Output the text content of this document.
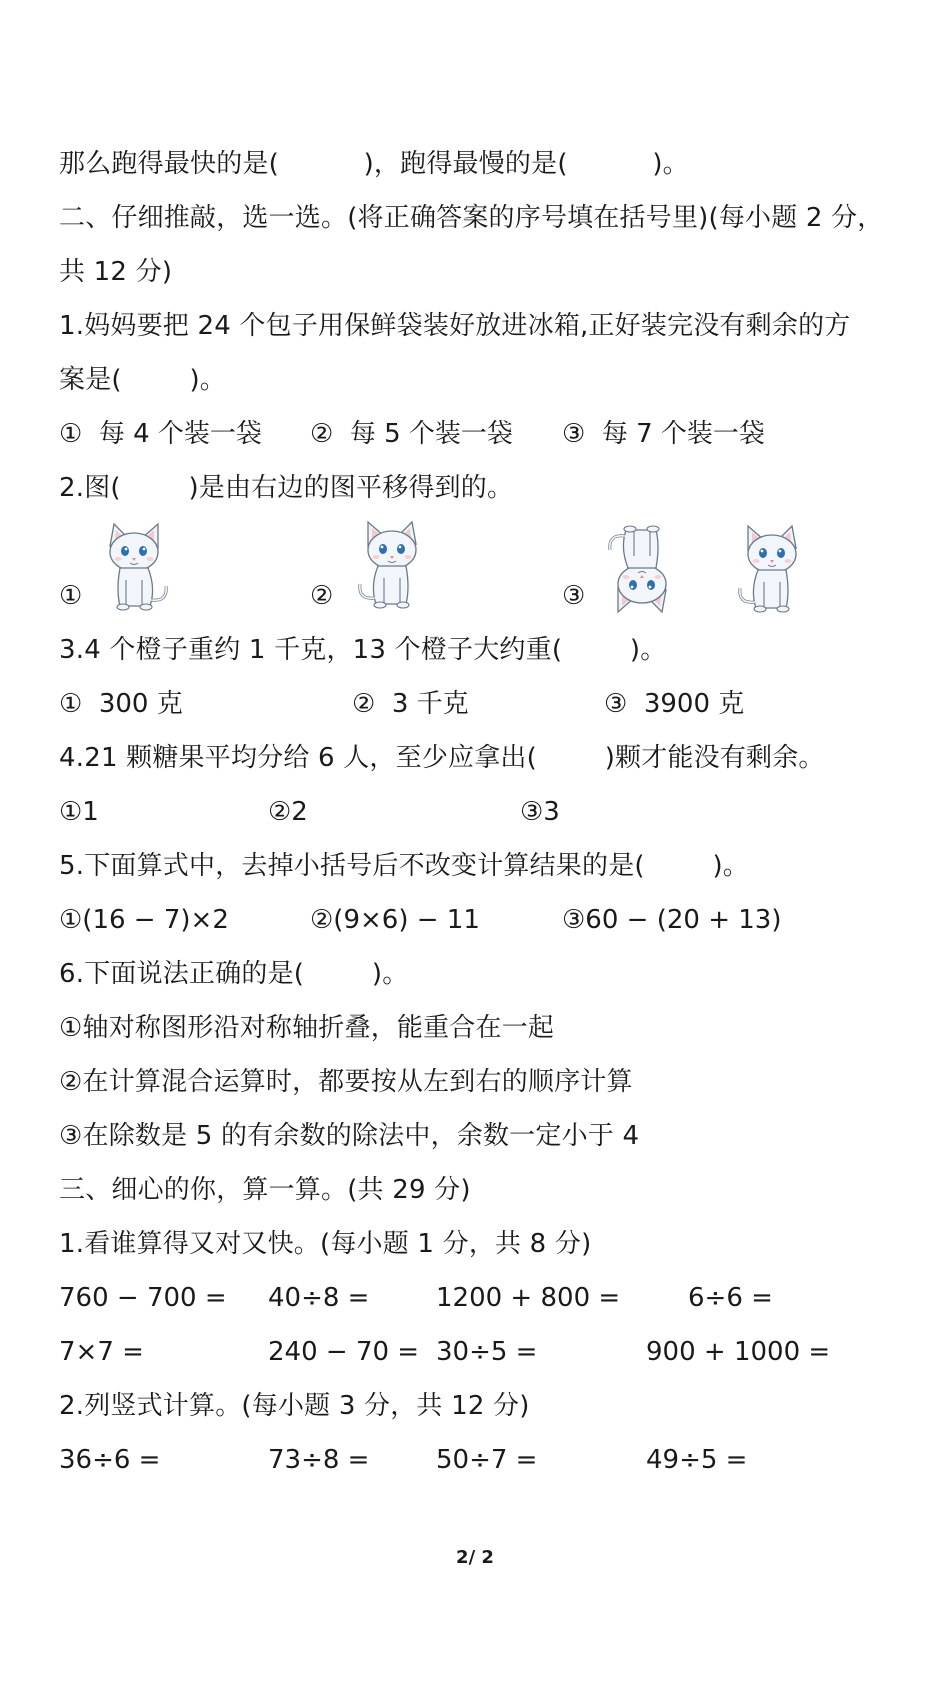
那么跑得最快的是(          )，跑得最慢的是(          )。
二、仔细推敲，选一选。(将正确答案的序号填在括号里)(每小题 2 分，
共 12 分)
1.妈妈要把 24 个包子用保鲜袋装好放进冰箱,正好装完没有剩余的方
案是(        )。
①  每 4 个装一袋 ②  每 5 个装一袋 ③  每 7 个装一袋
2.图(        )是由右边的图平移得到的。
①	②	③
3.4 个橙子重约 1 千克，13 个橙子大约重(        )。
①  300 克	②  3 千克	③  3900 克
4.21 颗糖果平均分给 6 人，至少应拿出(        )颗才能没有剩余。
①1	②2	③3
5.下面算式中，去掉小括号后不改变计算结果的是(        )。
①(16 − 7)×2	②(9×6) − 11	③60 − (20 + 13)
6.下面说法正确的是(        )。
①轴对称图形沿对称轴折叠，能重合在一起
②在计算混合运算时，都要按从左到右的顺序计算
③在除数是 5 的有余数的除法中，余数一定小于 4
三、细心的你，算一算。(共 29 分)
1.看谁算得又对又快。(每小题 1 分，共 8 分)
760 − 700 = 40÷8 =	1200 + 800 =	6÷6 =
7×7 =	240 − 70 = 30÷5 =	900 + 1000 =
2.列竖式计算。(每小题 3 分，共 12 分)
36÷6 =	73÷8 =	50÷7 =	49÷5 =
2/ 2
